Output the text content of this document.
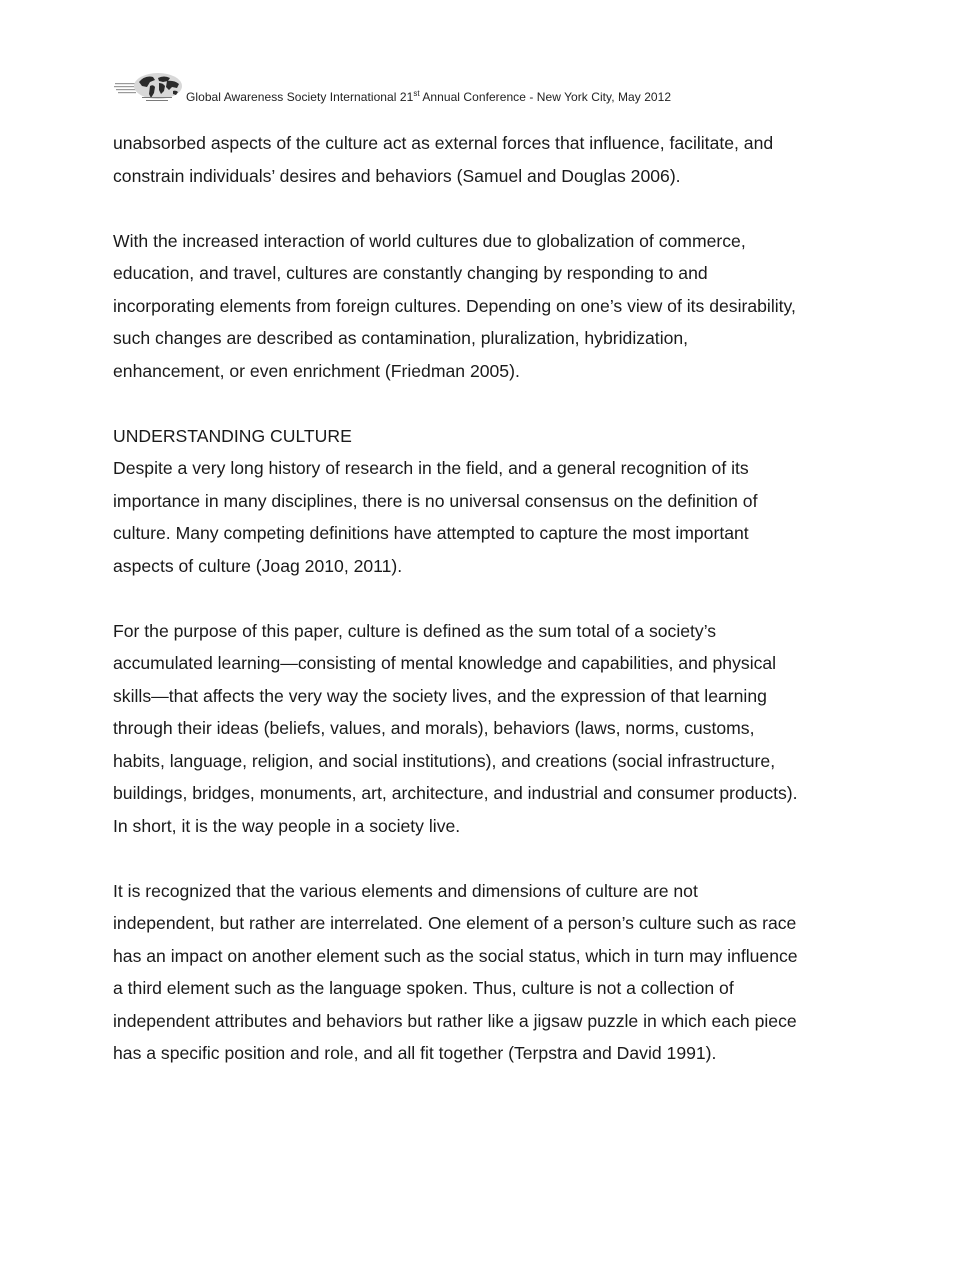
Global Awareness Society International 21st Annual Conference - New York City, May 2012

unabsorbed aspects of the culture act as external forces that influence, facilitate, and
constrain individuals’ desires and behaviors (Samuel and Douglas 2006).

With the increased interaction of world cultures due to globalization of commerce,
education, and travel, cultures are constantly changing by responding to and
incorporating elements from foreign cultures. Depending on one’s view of its desirability,
such changes are described as contamination, pluralization, hybridization,
enhancement, or even enrichment (Friedman 2005).

UNDERSTANDING CULTURE
Despite a very long history of research in the field, and a general recognition of its
importance in many disciplines, there is no universal consensus on the definition of
culture. Many competing definitions have attempted to capture the most important
aspects of culture (Joag 2010, 2011).

For the purpose of this paper, culture is defined as the sum total of a society’s
accumulated learning—consisting of mental knowledge and capabilities, and physical
skills—that affects the very way the society lives, and the expression of that learning
through their ideas (beliefs, values, and morals), behaviors (laws, norms, customs,
habits, language, religion, and social institutions), and creations (social infrastructure,
buildings, bridges, monuments, art, architecture, and industrial and consumer products).
In short, it is the way people in a society live.

It is recognized that the various elements and dimensions of culture are not
independent, but rather are interrelated. One element of a person’s culture such as race
has an impact on another element such as the social status, which in turn may influence
a third element such as the language spoken. Thus, culture is not a collection of
independent attributes and behaviors but rather like a jigsaw puzzle in which each piece
has a specific position and role, and all fit together (Terpstra and David 1991).
